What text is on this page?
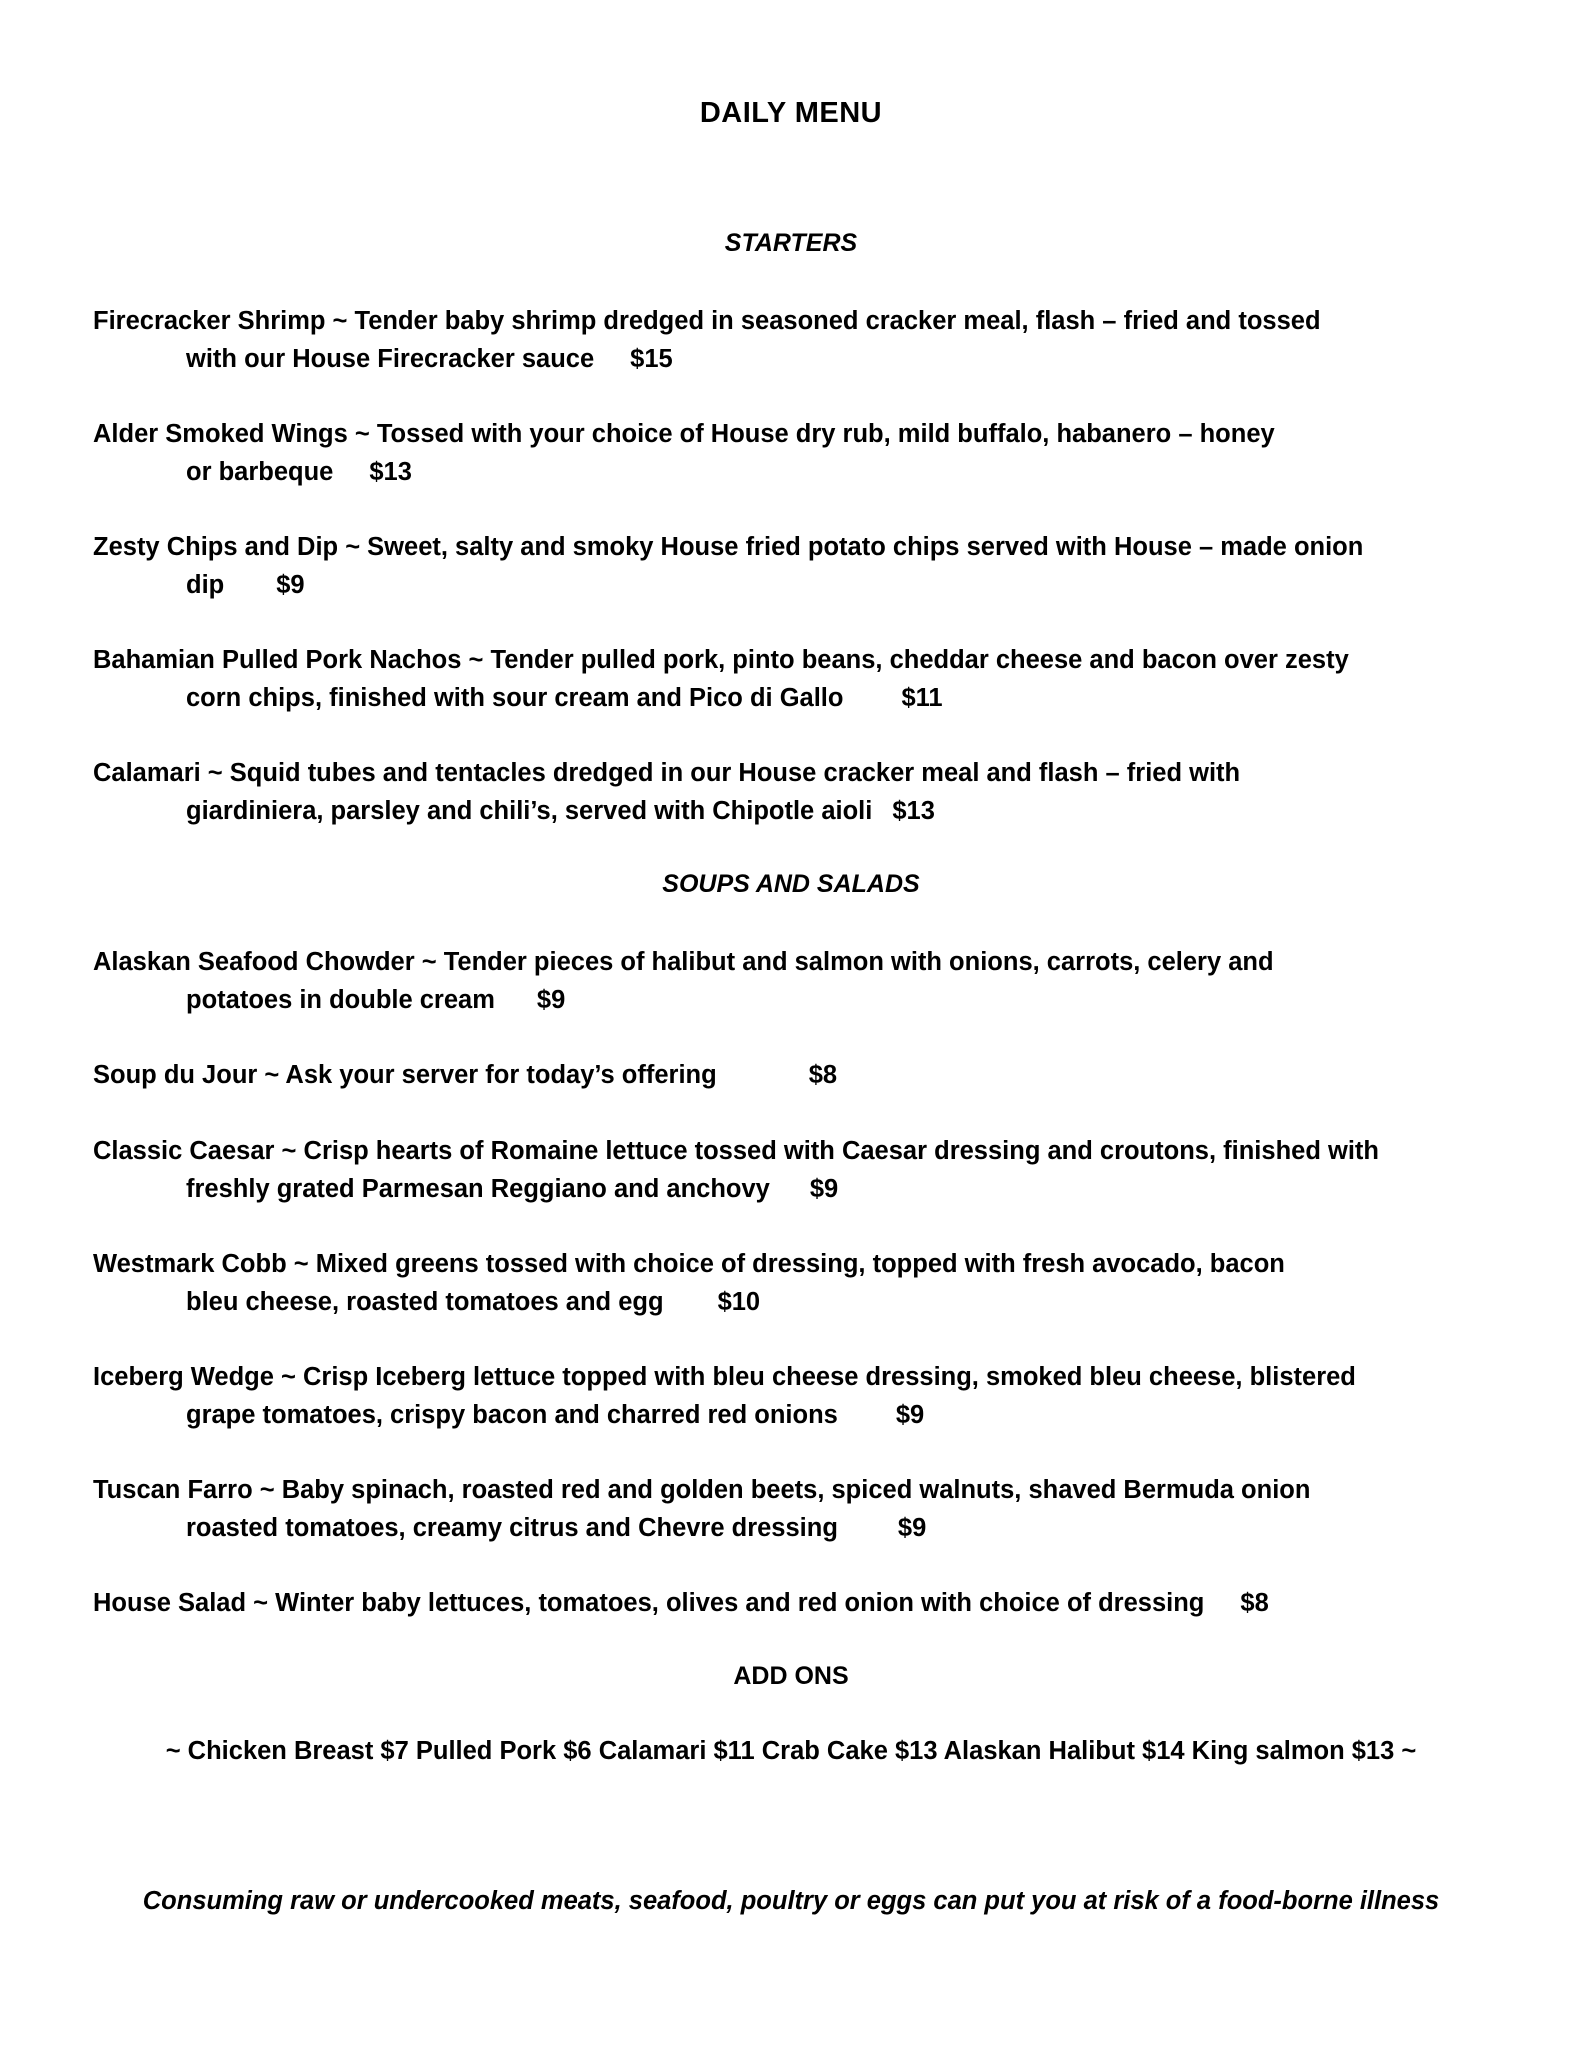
DAILY MENU
STARTERS
Firecracker Shrimp ~ Tender baby shrimp dredged in seasoned cracker meal, flash – fried and tossed
with our House Firecracker sauce $15
Alder Smoked Wings ~ Tossed with your choice of House dry rub, mild buffalo, habanero – honey
or barbeque $13
Zesty Chips and Dip ~ Sweet, salty and smoky House fried potato chips served with House – made onion
dip $9
Bahamian Pulled Pork Nachos ~ Tender pulled pork, pinto beans, cheddar cheese and bacon over zesty
corn chips, finished with sour cream and Pico di Gallo $11
Calamari ~ Squid tubes and tentacles dredged in our House cracker meal and flash – fried with
giardiniera, parsley and chili’s, served with Chipotle aioli $13
SOUPS AND SALADS
Alaskan Seafood Chowder ~ Tender pieces of halibut and salmon with onions, carrots, celery and
potatoes in double cream $9
Soup du Jour ~ Ask your server for today’s offering	$8
Classic Caesar ~ Crisp hearts of Romaine lettuce tossed with Caesar dressing and croutons, finished with
freshly grated Parmesan Reggiano and anchovy $9
Westmark Cobb ~ Mixed greens tossed with choice of dressing, topped with fresh avocado, bacon
bleu cheese, roasted tomatoes and egg $10
Iceberg Wedge ~ Crisp Iceberg lettuce topped with bleu cheese dressing, smoked bleu cheese, blistered
grape tomatoes, crispy bacon and charred red onions $9
Tuscan Farro ~ Baby spinach, roasted red and golden beets, spiced walnuts, shaved Bermuda onion
roasted tomatoes, creamy citrus and Chevre dressing $9
House Salad ~ Winter baby lettuces, tomatoes, olives and red onion with choice of dressing $8
ADD ONS
~ Chicken Breast $7 Pulled Pork $6 Calamari $11 Crab Cake $13 Alaskan Halibut $14 King salmon $13 ~
Consuming raw or undercooked meats, seafood, poultry or eggs can put you at risk of a food-borne illness
